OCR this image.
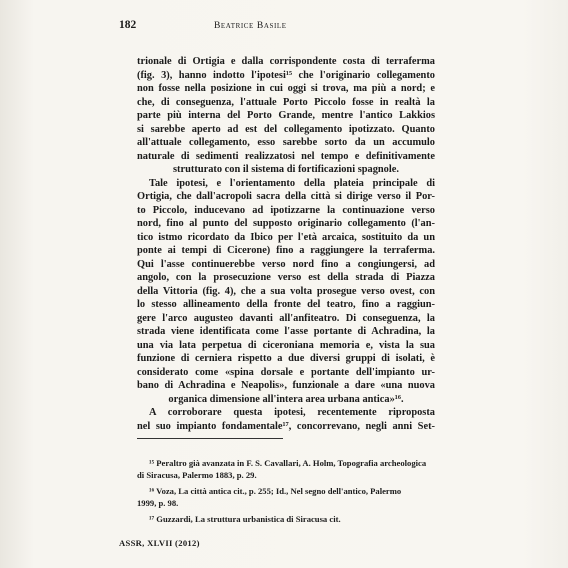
182	Beatrice Basile
trionale di Ortigia e dalla corrispondente costa di terraferma
(fig. 3), hanno indotto l'ipotesi¹⁵ che l'originario collegamento
non fosse nella posizione in cui oggi si trova, ma più a nord; e
che, di conseguenza, l'attuale Porto Piccolo fosse in realtà la
parte più interna del Porto Grande, mentre l'antico Lakkios
si sarebbe aperto ad est del collegamento ipotizzato. Quanto
all'attuale collegamento, esso sarebbe sorto da un accumulo
naturale di sedimenti realizzatosi nel tempo e definitivamente
strutturato con il sistema di fortificazioni spagnole.
Tale ipotesi, e l'orientamento della plateia principale di
Ortigia, che dall'acropoli sacra della città si dirige verso il Por-
to Piccolo, inducevano ad ipotizzarne la continuazione verso
nord, fino al punto del supposto originario collegamento (l'an-
tico istmo ricordato da Ibico per l'età arcaica, sostituito da un
ponte ai tempi di Cicerone) fino a raggiungere la terraferma.
Qui l'asse continuerebbe verso nord fino a congiungersi, ad
angolo, con la prosecuzione verso est della strada di Piazza
della Vittoria (fig. 4), che a sua volta prosegue verso ovest, con
lo stesso allineamento della fronte del teatro, fino a raggiun-
gere l'arco augusteo davanti all'anfiteatro. Di conseguenza, la
strada viene identificata come l'asse portante di Achradina, la
una via lata perpetua di ciceroniana memoria e, vista la sua
funzione di cerniera rispetto a due diversi gruppi di isolati, è
considerato come «spina dorsale e portante dell'impianto ur-
bano di Achradina e Neapolis», funzionale a dare «una nuova
organica dimensione all'intera area urbana antica»¹⁶.
A corroborare questa ipotesi, recentemente riproposta
nel suo impianto fondamentale¹⁷, concorrevano, negli anni Set-
¹⁵ Peraltro già avanzata in F. S. Cavallari, A. Holm, Topografia archeologica
di Siracusa, Palermo 1883, p. 29.
¹⁶ Voza, La città antica cit., p. 255; Id., Nel segno dell'antico, Palermo
1999, p. 98.
¹⁷ Guzzardi, La struttura urbanistica di Siracusa cit.
ASSR, XLVII (2012)
